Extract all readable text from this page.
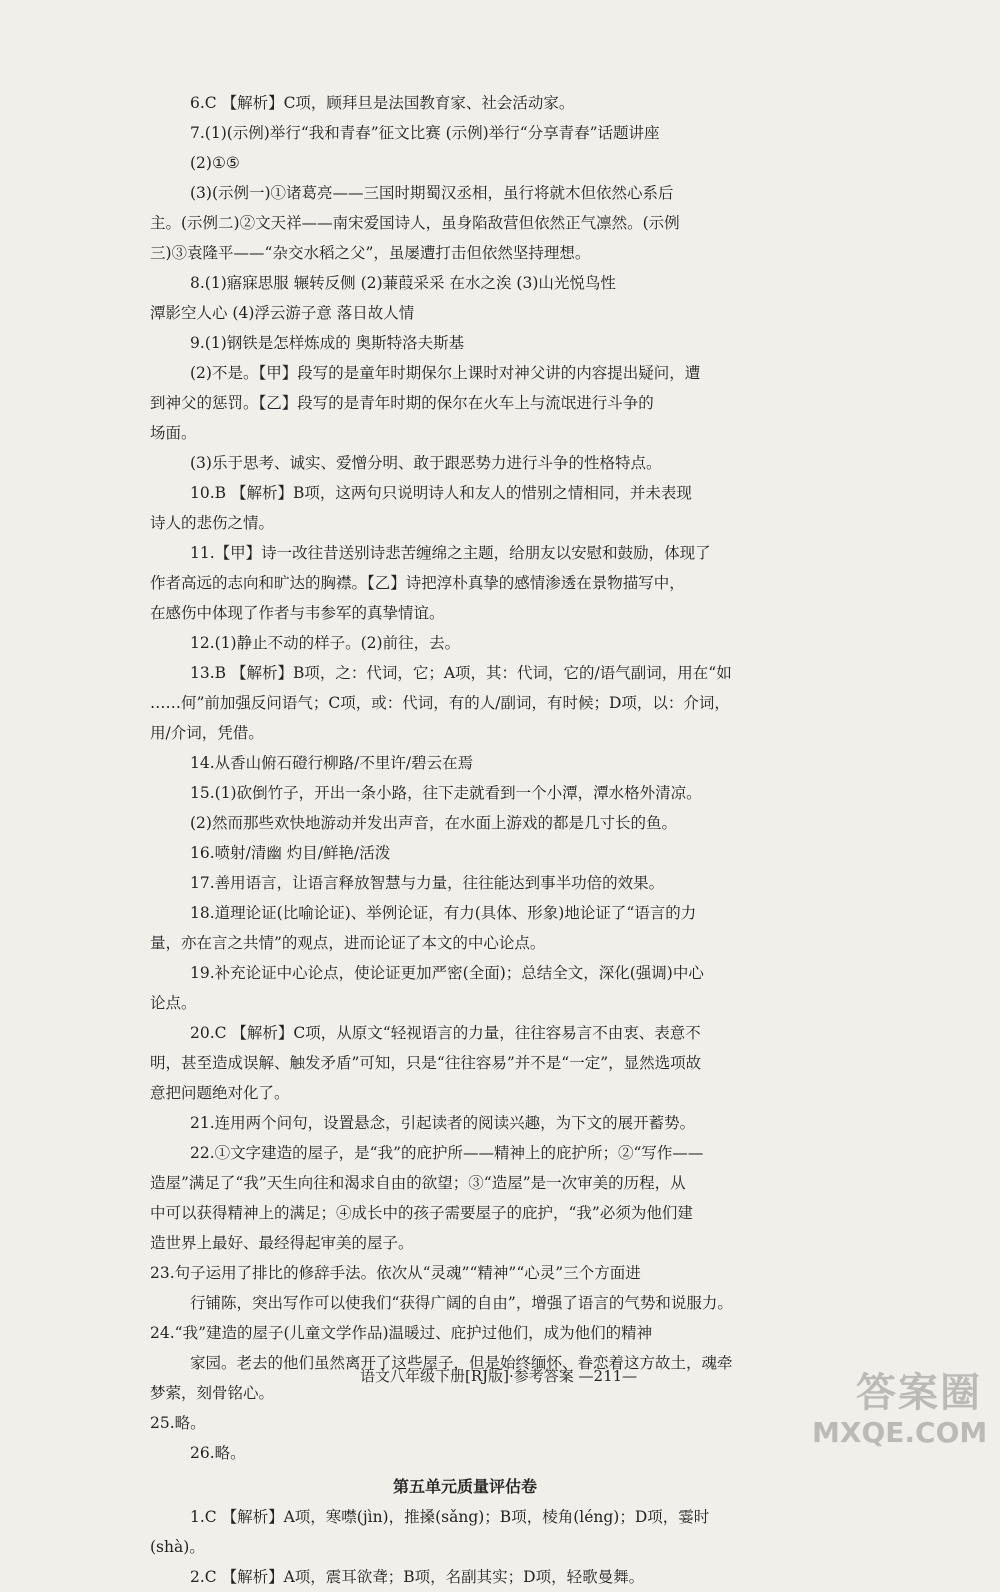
6.C 【解析】C项，顾拜旦是法国教育家、社会活动家。

7.(1)(示例)举行“我和青春”征文比赛 (示例)举行“分享青春”话题讲座

(2)①⑤

(3)(示例一)①诸葛亮——三国时期蜀汉丞相，虽行将就木但依然心系后

主。(示例二)②文天祥——南宋爱国诗人，虽身陷敌营但依然正气凛然。(示例

三)③袁隆平——“杂交水稻之父”，虽屡遭打击但依然坚持理想。

8.(1)寤寐思服 辗转反侧 (2)蒹葭采采 在水之涘 (3)山光悦鸟性

潭影空人心 (4)浮云游子意 落日故人情

9.(1)钢铁是怎样炼成的 奥斯特洛夫斯基

(2)不是。【甲】段写的是童年时期保尔上课时对神父讲的内容提出疑问，遭

到神父的惩罚。【乙】段写的是青年时期的保尔在火车上与流氓进行斗争的

场面。

(3)乐于思考、诚实、爱憎分明、敢于跟恶势力进行斗争的性格特点。

10.B 【解析】B项，这两句只说明诗人和友人的惜别之情相同，并未表现

诗人的悲伤之情。

11.【甲】诗一改往昔送别诗悲苦缠绵之主题，给朋友以安慰和鼓励，体现了

作者高远的志向和旷达的胸襟。【乙】诗把淳朴真挚的感情渗透在景物描写中，

在感伤中体现了作者与韦参军的真挚情谊。

12.(1)静止不动的样子。(2)前往，去。

13.B 【解析】B项，之：代词，它；A项，其：代词，它的/语气副词，用在“如

……何”前加强反问语气；C项，或：代词，有的人/副词，有时候；D项，以：介词，

用/介词，凭借。

14.从香山俯石磴行柳路/不里许/碧云在焉

15.(1)砍倒竹子，开出一条小路，往下走就看到一个小潭，潭水格外清凉。

(2)然而那些欢快地游动并发出声音，在水面上游戏的都是几寸长的鱼。

16.喷射/清幽 灼目/鲜艳/活泼

17.善用语言，让语言释放智慧与力量，往往能达到事半功倍的效果。

18.道理论证(比喻论证)、举例论证，有力(具体、形象)地论证了“语言的力

量，亦在言之共情”的观点，进而论证了本文的中心论点。

19.补充论证中心论点，使论证更加严密(全面)；总结全文，深化(强调)中心

论点。

20.C 【解析】C项，从原文“轻视语言的力量，往往容易言不由衷、表意不

明，甚至造成误解、触发矛盾”可知，只是“往往容易”并不是“一定”，显然选项故

意把问题绝对化了。

21.连用两个问句，设置悬念，引起读者的阅读兴趣，为下文的展开蓄势。

22.①文字建造的屋子，是“我”的庇护所——精神上的庇护所；②“写作——

造屋”满足了“我”天生向往和渴求自由的欲望；③“造屋”是一次审美的历程，从

中可以获得精神上的满足；④成长中的孩子需要屋子的庇护，“我”必须为他们建

造世界上最好、最经得起审美的屋子。

23.句子运用了排比的修辞手法。依次从“灵魂”“精神”“心灵”三个方面进

行铺陈，突出写作可以使我们“获得广阔的自由”，增强了语言的气势和说服力。

24.“我”建造的屋子(儿童文学作品)温暖过、庇护过他们，成为他们的精神

家园。老去的他们虽然离开了这些屋子，但是始终缅怀、眷恋着这方故土，魂牵

梦萦，刻骨铭心。

25.略。

26.略。

第五单元质量评估卷

1.C 【解析】A项，寒噤(jìn)，推搡(sǎng)；B项，棱角(léng)；D项，霎时

(shà)。

2.C 【解析】A项，震耳欲聋；B项，名副其实；D项，轻歌曼舞。

语文八年级下册[RJ版]·参考答案 —211—	答案圈
MXQE.COM
